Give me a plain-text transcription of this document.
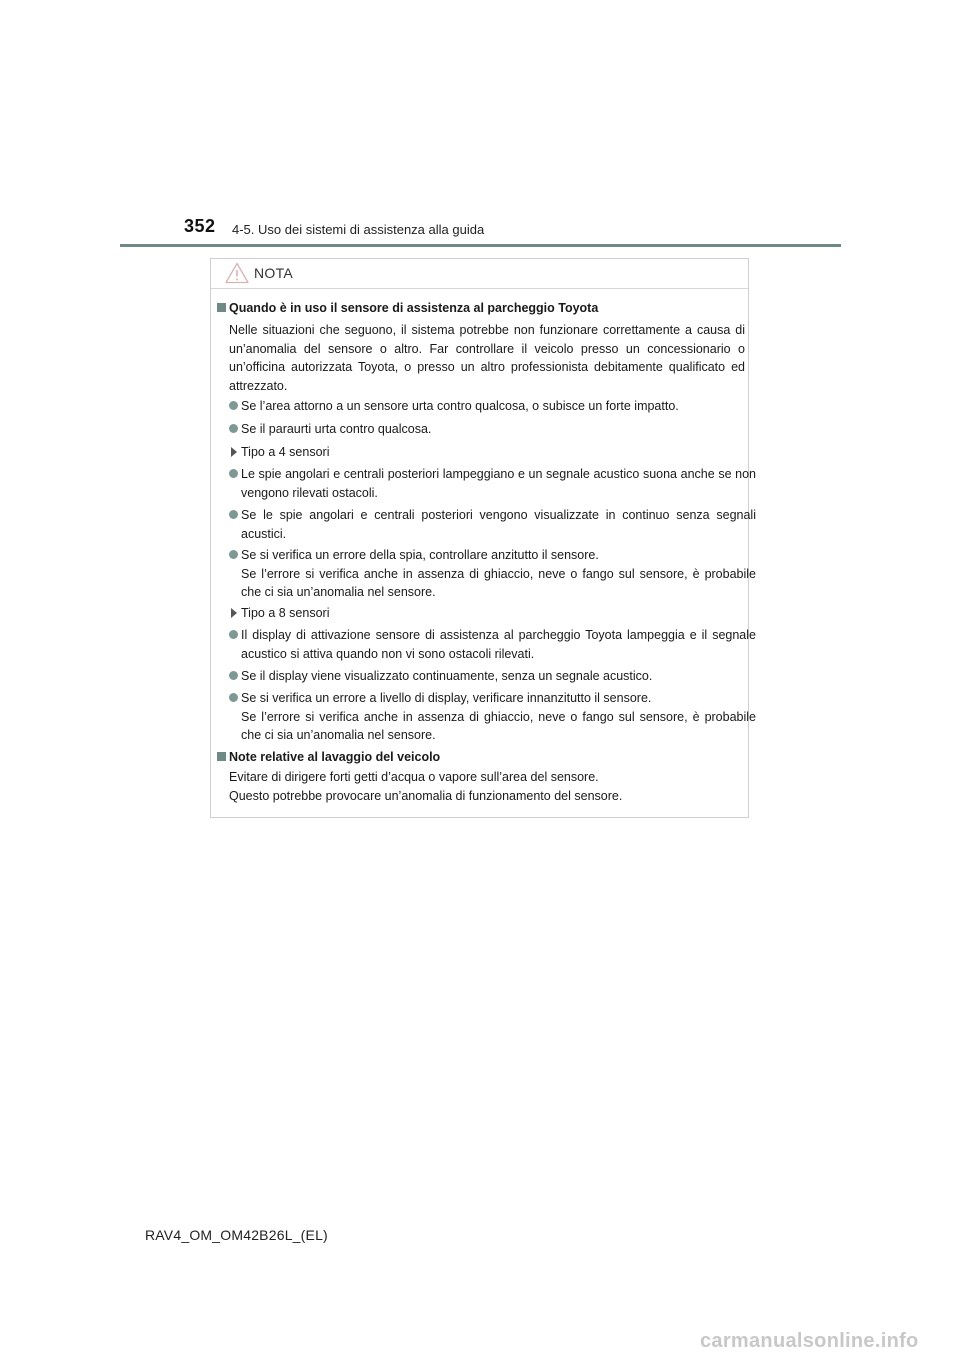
352 4-5. Uso dei sistemi di assistenza alla guida
NOTA
Quando è in uso il sensore di assistenza al parcheggio Toyota
Nelle situazioni che seguono, il sistema potrebbe non funzionare correttamente a causa di un’anomalia del sensore o altro. Far controllare il veicolo presso un concessionario o un’officina autorizzata Toyota, o presso un altro professionista debitamente qualificato ed attrezzato.
Se l’area attorno a un sensore urta contro qualcosa, o subisce un forte impatto.
Se il paraurti urta contro qualcosa.
Tipo a 4 sensori
Le spie angolari e centrali posteriori lampeggiano e un segnale acustico suona anche se non vengono rilevati ostacoli.
Se le spie angolari e centrali posteriori vengono visualizzate in continuo senza segnali acustici.
Se si verifica un errore della spia, controllare anzitutto il sensore.
Se l’errore si verifica anche in assenza di ghiaccio, neve o fango sul sensore, è probabile che ci sia un’anomalia nel sensore.
Tipo a 8 sensori
Il display di attivazione sensore di assistenza al parcheggio Toyota lampeggia e il segnale acustico si attiva quando non vi sono ostacoli rilevati.
Se il display viene visualizzato continuamente, senza un segnale acustico.
Se si verifica un errore a livello di display, verificare innanzitutto il sensore.
Se l’errore si verifica anche in assenza di ghiaccio, neve o fango sul sensore, è probabile che ci sia un’anomalia nel sensore.
Note relative al lavaggio del veicolo
Evitare di dirigere forti getti d’acqua o vapore sull’area del sensore.
Questo potrebbe provocare un’anomalia di funzionamento del sensore.
RAV4_OM_OM42B26L_(EL)
carmanualsonline.info
